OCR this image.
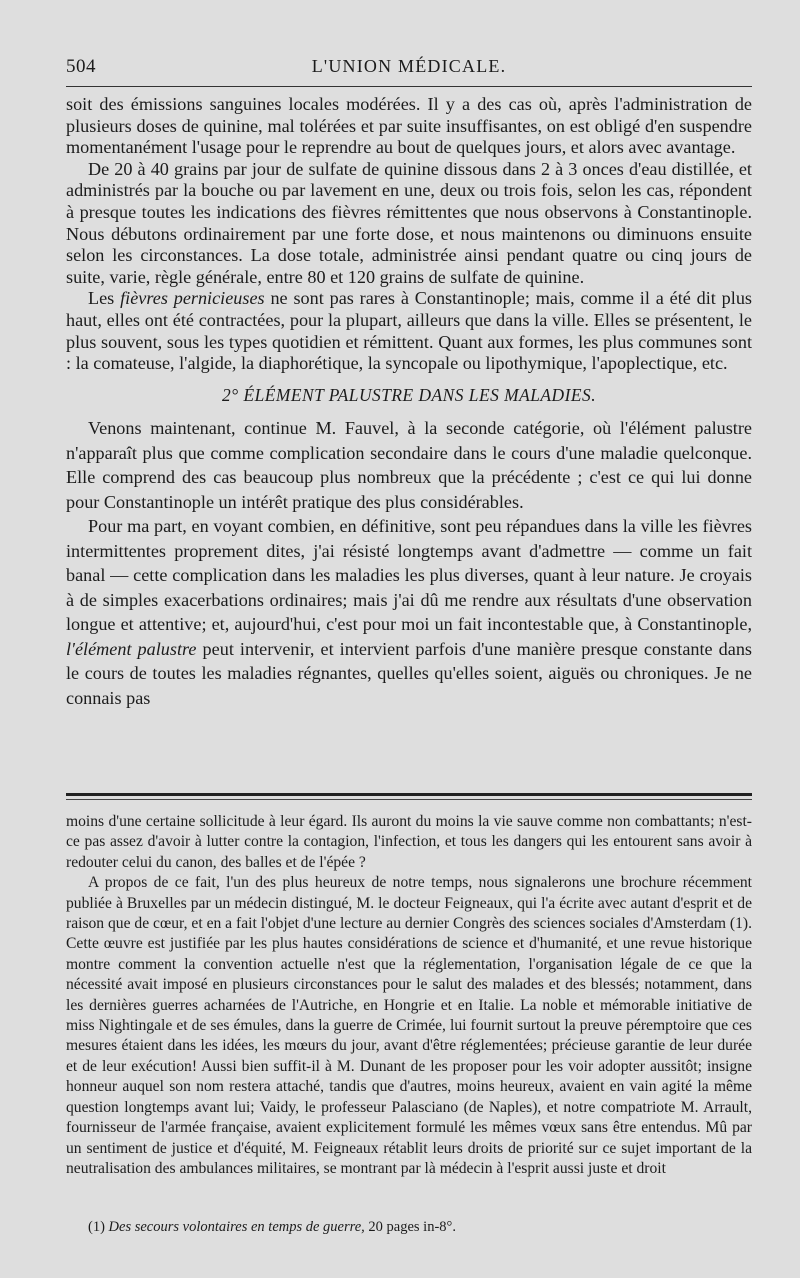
504	L'UNION MÉDICALE.

soit des émissions sanguines locales modérées. Il y a des cas où, après l'administration de plusieurs doses de quinine, mal tolérées et par suite insuffisantes, on est obligé d'en suspendre momentanément l'usage pour le reprendre au bout de quelques jours, et alors avec avantage.

De 20 à 40 grains par jour de sulfate de quinine dissous dans 2 à 3 onces d'eau distillée, et administrés par la bouche ou par lavement en une, deux ou trois fois, selon les cas, répondent à presque toutes les indications des fièvres rémittentes que nous observons à Constantinople. Nous débutons ordinairement par une forte dose, et nous maintenons ou diminuons ensuite selon les circonstances. La dose totale, administrée ainsi pendant quatre ou cinq jours de suite, varie, règle générale, entre 80 et 120 grains de sulfate de quinine.

Les fièvres pernicieuses ne sont pas rares à Constantinople; mais, comme il a été dit plus haut, elles ont été contractées, pour la plupart, ailleurs que dans la ville. Elles se présentent, le plus souvent, sous les types quotidien et rémittent. Quant aux formes, les plus communes sont : la comateuse, l'algide, la diaphorétique, la syncopale ou lipothymique, l'apoplectique, etc.

2° ÉLÉMENT PALUSTRE DANS LES MALADIES.

Venons maintenant, continue M. Fauvel, à la seconde catégorie, où l'élément palustre n'apparaît plus que comme complication secondaire dans le cours d'une maladie quelconque. Elle comprend des cas beaucoup plus nombreux que la précédente ; c'est ce qui lui donne pour Constantinople un intérêt pratique des plus considérables.

Pour ma part, en voyant combien, en définitive, sont peu répandues dans la ville les fièvres intermittentes proprement dites, j'ai résisté longtemps avant d'admettre — comme un fait banal — cette complication dans les maladies les plus diverses, quant à leur nature. Je croyais à de simples exacerbations ordinaires; mais j'ai dû me rendre aux résultats d'une observation longue et attentive; et, aujourd'hui, c'est pour moi un fait incontestable que, à Constantinople, l'élément palustre peut intervenir, et intervient parfois d'une manière presque constante dans le cours de toutes les maladies régnantes, quelles qu'elles soient, aiguës ou chroniques. Je ne connais pas

moins d'une certaine sollicitude à leur égard. Ils auront du moins la vie sauve comme non combattants; n'est-ce pas assez d'avoir à lutter contre la contagion, l'infection, et tous les dangers qui les entourent sans avoir à redouter celui du canon, des balles et de l'épée ?

A propos de ce fait, l'un des plus heureux de notre temps, nous signalerons une brochure récemment publiée à Bruxelles par un médecin distingué, M. le docteur Feigneaux, qui l'a écrite avec autant d'esprit et de raison que de cœur, et en a fait l'objet d'une lecture au dernier Congrès des sciences sociales d'Amsterdam (1). Cette œuvre est justifiée par les plus hautes considérations de science et d'humanité, et une revue historique montre comment la convention actuelle n'est que la réglementation, l'organisation légale de ce que la nécessité avait imposé en plusieurs circonstances pour le salut des malades et des blessés; notamment, dans les dernières guerres acharnées de l'Autriche, en Hongrie et en Italie. La noble et mémorable initiative de miss Nightingale et de ses émules, dans la guerre de Crimée, lui fournit surtout la preuve péremptoire que ces mesures étaient dans les idées, les mœurs du jour, avant d'être réglementées; précieuse garantie de leur durée et de leur exécution! Aussi bien suffit-il à M. Dunant de les proposer pour les voir adopter aussitôt; insigne honneur auquel son nom restera attaché, tandis que d'autres, moins heureux, avaient en vain agité la même question longtemps avant lui; Vaidy, le professeur Palasciano (de Naples), et notre compatriote M. Arrault, fournisseur de l'armée française, avaient explicitement formulé les mêmes vœux sans être entendus. Mû par un sentiment de justice et d'équité, M. Feigneaux rétablit leurs droits de priorité sur ce sujet important de la neutralisation des ambulances militaires, se montrant par là médecin à l'esprit aussi juste et droit

(1) Des secours volontaires en temps de guerre, 20 pages in-8°.
